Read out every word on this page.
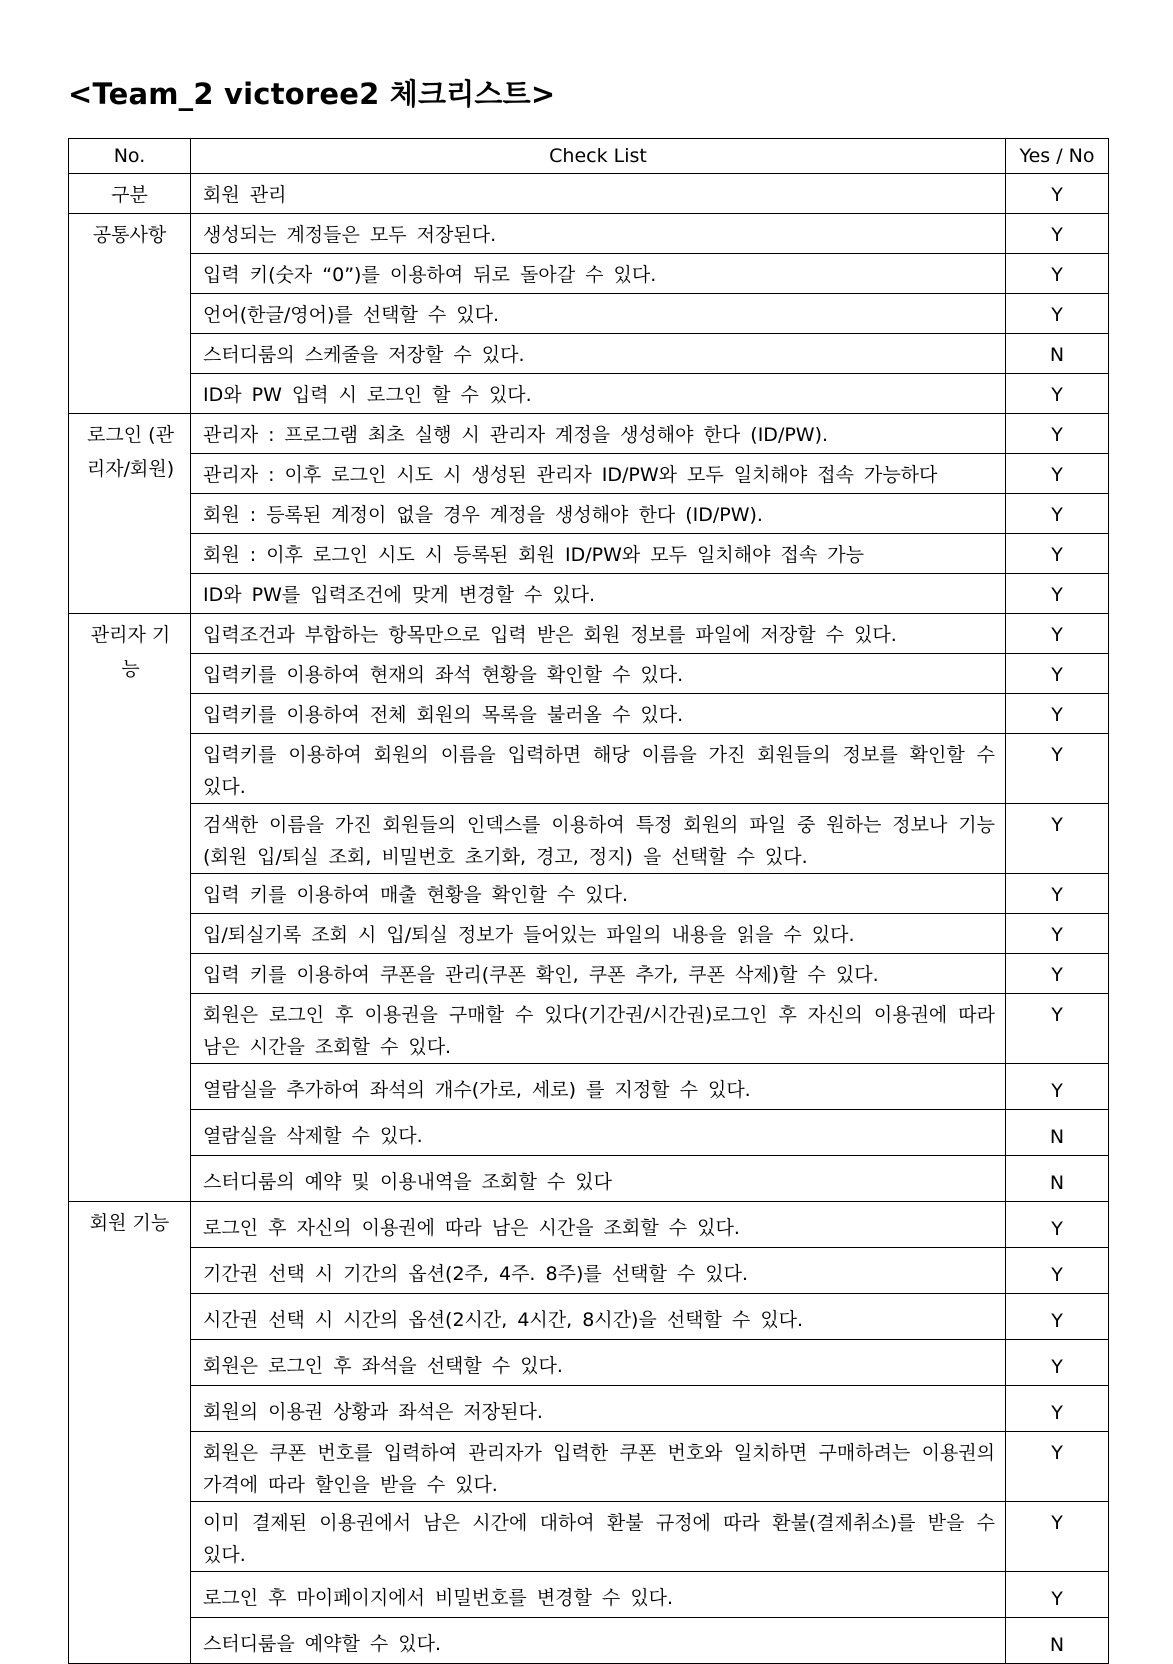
<Team_2 victoree2 체크리스트>
No.	Check List	Yes / No
구분	회원 관리	Y
공통사항	생성되는 계정들은 모두 저장된다.	Y
	입력 키(숫자 “0”)를 이용하여 뒤로 돌아갈 수 있다.	Y
	언어(한글/영어)를 선택할 수 있다.	Y
	스터디룸의 스케줄을 저장할 수 있다.	N
	ID와 PW 입력 시 로그인 할 수 있다.	Y
로그인 (관리자/회원)	관리자 : 프로그램 최초 실행 시 관리자 계정을 생성해야 한다 (ID/PW).	Y
	관리자 : 이후 로그인 시도 시 생성된 관리자 ID/PW와 모두 일치해야 접속 가능하다	Y
	회원 : 등록된 계정이 없을 경우 계정을 생성해야 한다 (ID/PW).	Y
	회원 : 이후 로그인 시도 시 등록된 회원 ID/PW와 모두 일치해야 접속 가능	Y
	ID와 PW를 입력조건에 맞게 변경할 수 있다.	Y
관리자 기능	입력조건과 부합하는 항목만으로 입력 받은 회원 정보를 파일에 저장할 수 있다.	Y
	입력키를 이용하여 현재의 좌석 현황을 확인할 수 있다.	Y
	입력키를 이용하여 전체 회원의 목록을 불러올 수 있다.	Y
	입력키를 이용하여 회원의 이름을 입력하면 해당 이름을 가진 회원들의 정보를 확인할 수 있다.	Y
	검색한 이름을 가진 회원들의 인덱스를 이용하여 특정 회원의 파일 중 원하는 정보나 기능(회원 입/퇴실 조회, 비밀번호 초기화, 경고, 정지) 을 선택할 수 있다.	Y
	입력 키를 이용하여 매출 현황을 확인할 수 있다.	Y
	입/퇴실기록 조회 시 입/퇴실 정보가 들어있는 파일의 내용을 읽을 수 있다.	Y
	입력 키를 이용하여 쿠폰을 관리(쿠폰 확인, 쿠폰 추가, 쿠폰 삭제)할 수 있다.	Y
	회원은 로그인 후 이용권을 구매할 수 있다(기간권/시간권)로그인 후 자신의 이용권에 따라 남은 시간을 조회할 수 있다.	Y
	열람실을 추가하여 좌석의 개수(가로, 세로) 를 지정할 수 있다.	Y
	열람실을 삭제할 수 있다.	N
	스터디룸의 예약 및 이용내역을 조회할 수 있다	N
회원 기능	로그인 후 자신의 이용권에 따라 남은 시간을 조회할 수 있다.	Y
	기간권 선택 시 기간의 옵션(2주, 4주. 8주)를 선택할 수 있다.	Y
	시간권 선택 시 시간의 옵션(2시간, 4시간, 8시간)을 선택할 수 있다.	Y
	회원은 로그인 후 좌석을 선택할 수 있다.	Y
	회원의 이용권 상황과 좌석은 저장된다.	Y
	회원은 쿠폰 번호를 입력하여 관리자가 입력한 쿠폰 번호와 일치하면 구매하려는 이용권의 가격에 따라 할인을 받을 수 있다.	Y
	이미 결제된 이용권에서 남은 시간에 대하여 환불 규정에 따라 환불(결제취소)를 받을 수 있다.	Y
	로그인 후 마이페이지에서 비밀번호를 변경할 수 있다.	Y
	스터디룸을 예약할 수 있다.	N
